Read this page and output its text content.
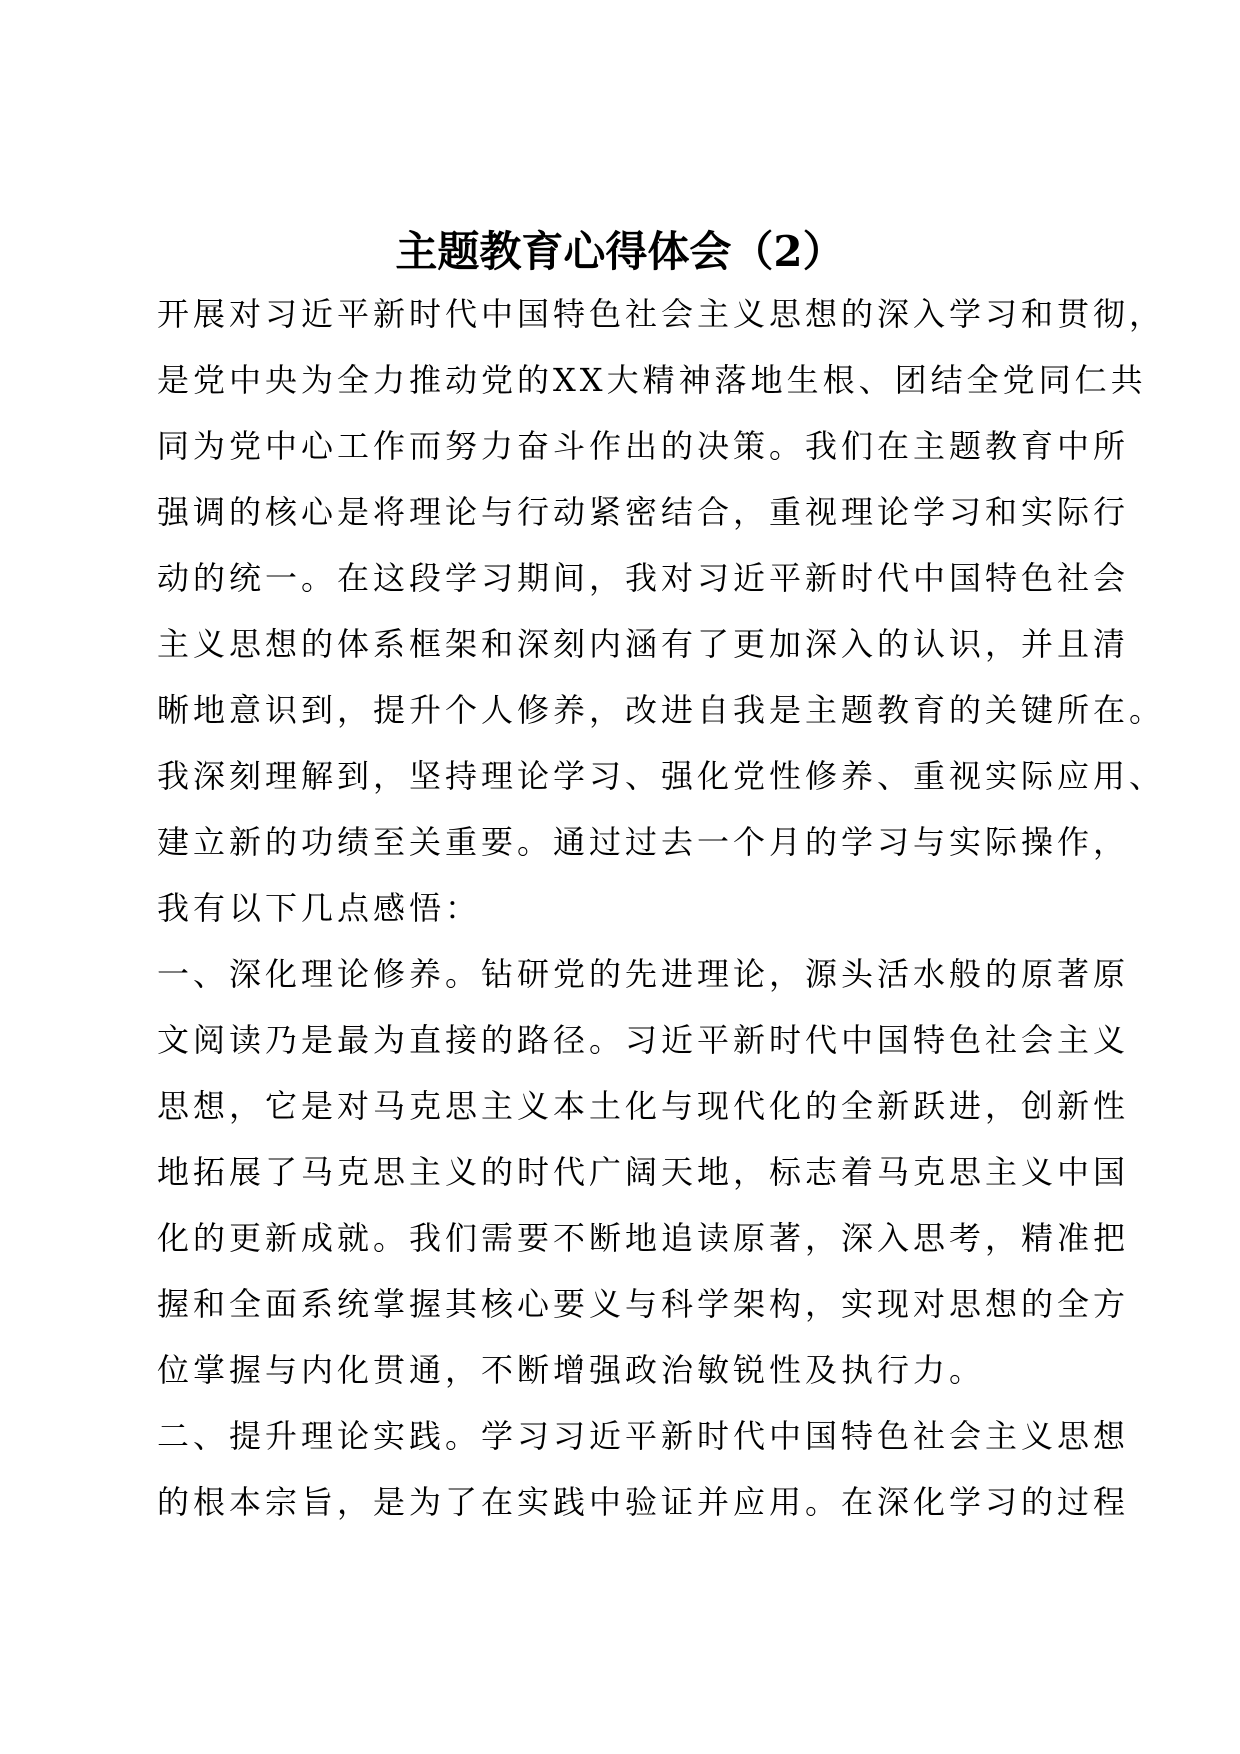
主题教育心得体会（2）

开展对习近平新时代中国特色社会主义思想的深入学习和贯彻，

是党中央为全力推动党的XX大精神落地生根、团结全党同仁共

同为党中心工作而努力奋斗作出的决策。我们在主题教育中所

强调的核心是将理论与行动紧密结合，重视理论学习和实际行

动的统一。在这段学习期间，我对习近平新时代中国特色社会

主义思想的体系框架和深刻内涵有了更加深入的认识，并且清

晰地意识到，提升个人修养，改进自我是主题教育的关键所在。

我深刻理解到，坚持理论学习、强化党性修养、重视实际应用、

建立新的功绩至关重要。通过过去一个月的学习与实际操作，

我有以下几点感悟：

一、深化理论修养。钻研党的先进理论，源头活水般的原著原

文阅读乃是最为直接的路径。习近平新时代中国特色社会主义

思想，它是对马克思主义本土化与现代化的全新跃进，创新性

地拓展了马克思主义的时代广阔天地，标志着马克思主义中国

化的更新成就。我们需要不断地追读原著，深入思考，精准把

握和全面系统掌握其核心要义与科学架构，实现对思想的全方

位掌握与内化贯通，不断增强政治敏锐性及执行力。

二、提升理论实践。学习习近平新时代中国特色社会主义思想

的根本宗旨，是为了在实践中验证并应用。在深化学习的过程
